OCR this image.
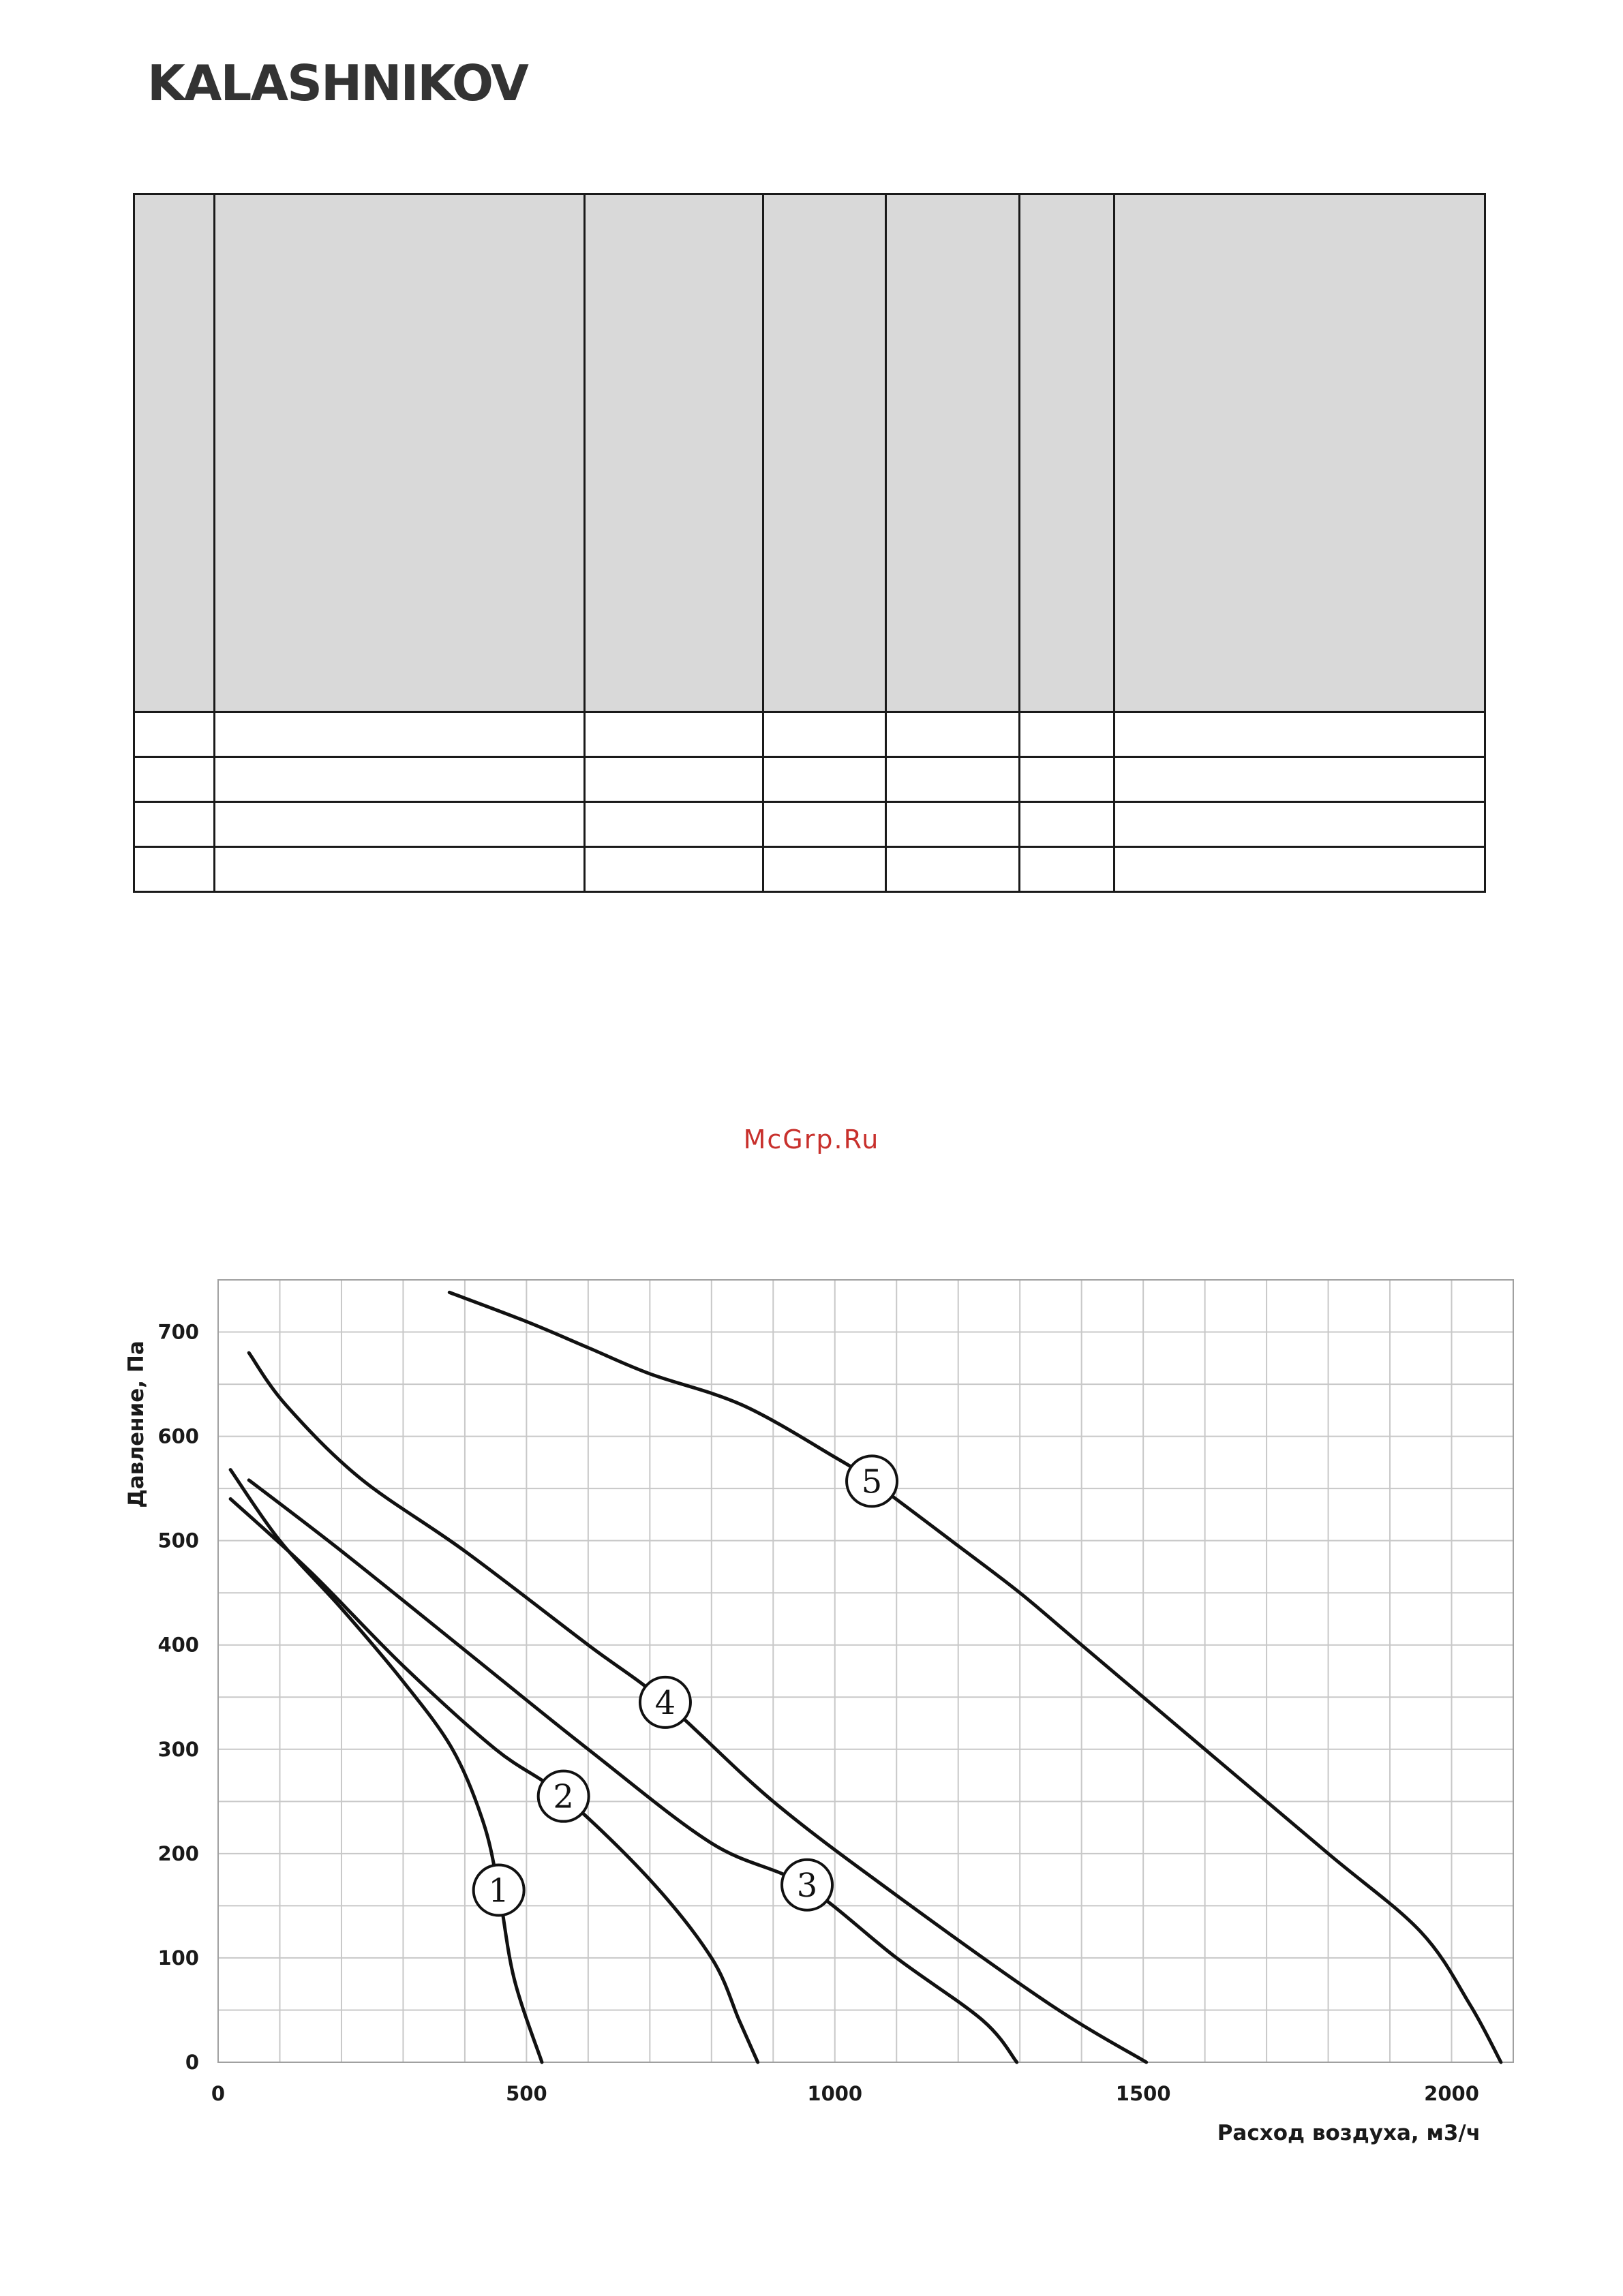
KALASHNIKOV

McGrp.Ru

0	500	1000	1500	2000
0
100
200
300
400
500
600
700
1
2
3
4
5
Расход воздуха, м3/ч
Давление, Па
